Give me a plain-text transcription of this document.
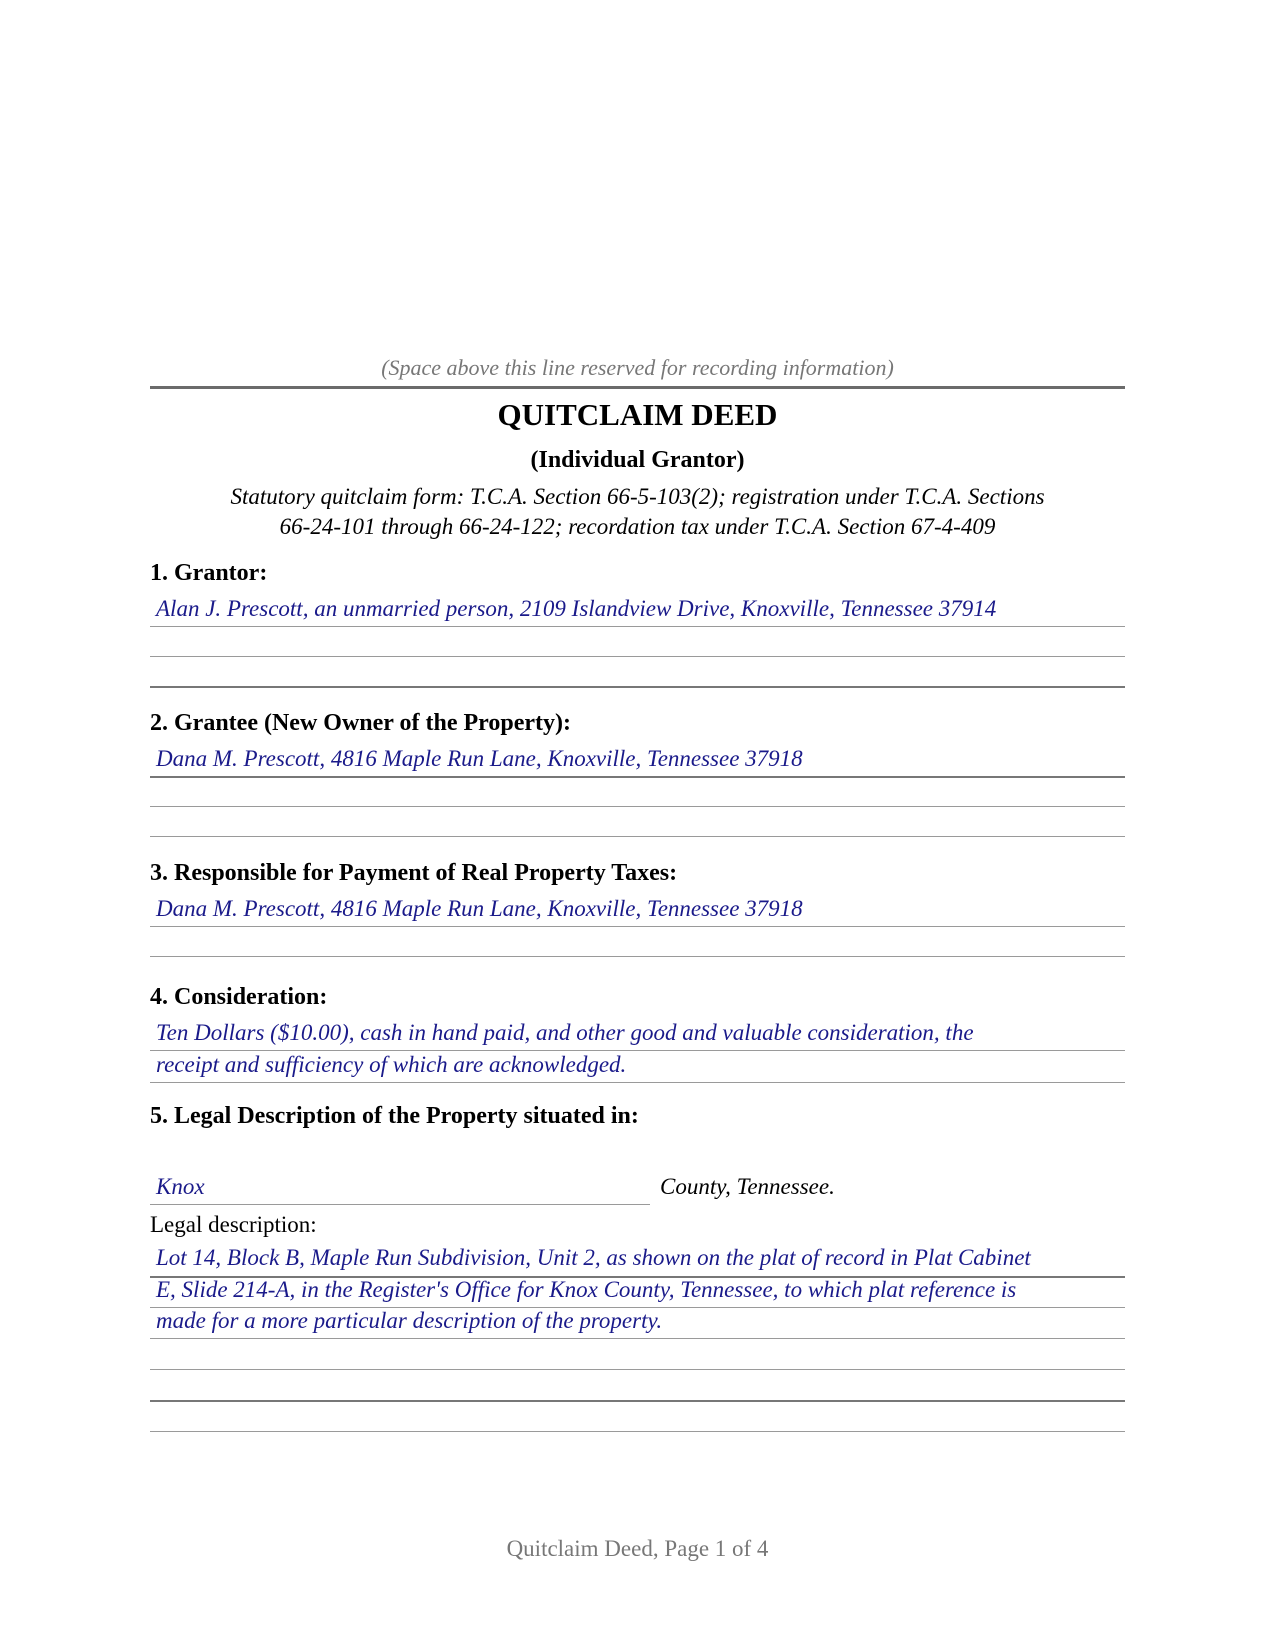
(Space above this line reserved for recording information)
QUITCLAIM DEED
(Individual Grantor)
Statutory quitclaim form: T.C.A. Section 66-5-103(2); registration under T.C.A. Sections
66-24-101 through 66-24-122; recordation tax under T.C.A. Section 67-4-409
1. Grantor:
Alan J. Prescott, an unmarried person, 2109 Islandview Drive, Knoxville, Tennessee 37914
2. Grantee (New Owner of the Property):
Dana M. Prescott, 4816 Maple Run Lane, Knoxville, Tennessee 37918
3. Responsible for Payment of Real Property Taxes:
Dana M. Prescott, 4816 Maple Run Lane, Knoxville, Tennessee 37918
4. Consideration:
Ten Dollars ($10.00), cash in hand paid, and other good and valuable consideration, the
receipt and sufficiency of which are acknowledged.
5. Legal Description of the Property situated in:
Knox	County, Tennessee.
Legal description:
Lot 14, Block B, Maple Run Subdivision, Unit 2, as shown on the plat of record in Plat Cabinet
E, Slide 214-A, in the Register's Office for Knox County, Tennessee, to which plat reference is
made for a more particular description of the property.
Quitclaim Deed, Page 1 of 4
